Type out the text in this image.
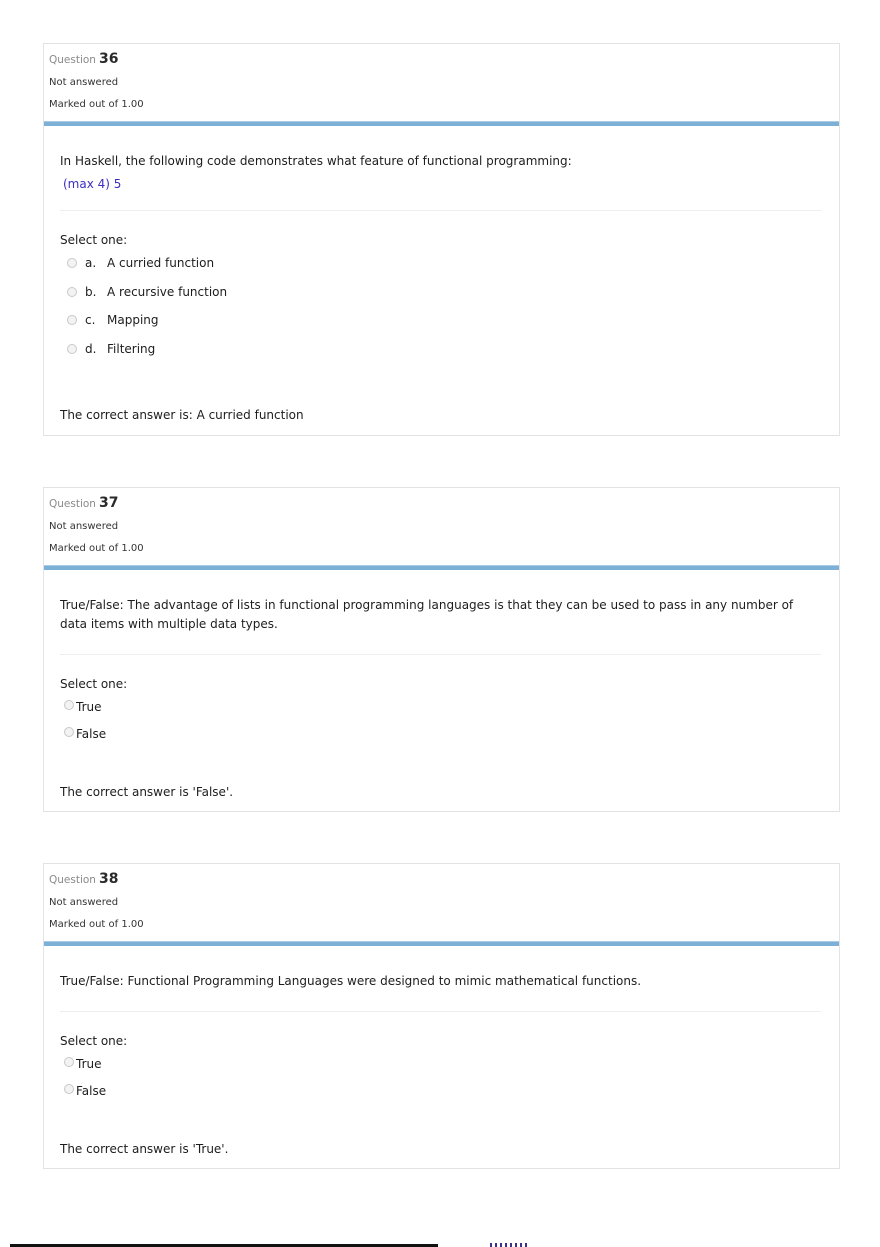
Question 36
Not answered
Marked out of 1.00
In Haskell, the following code demonstrates what feature of functional programming:
(max 4) 5
Select one:
a. A curried function
b. A recursive function
c. Mapping
d. Filtering
The correct answer is: A curried function
Question 37
Not answered
Marked out of 1.00
True/False: The advantage of lists in functional programming languages is that they can be used to pass in any number of data items with multiple data types.
Select one:
True
False
The correct answer is 'False'.
Question 38
Not answered
Marked out of 1.00
True/False: Functional Programming Languages were designed to mimic mathematical functions.
Select one:
True
False
The correct answer is 'True'.
